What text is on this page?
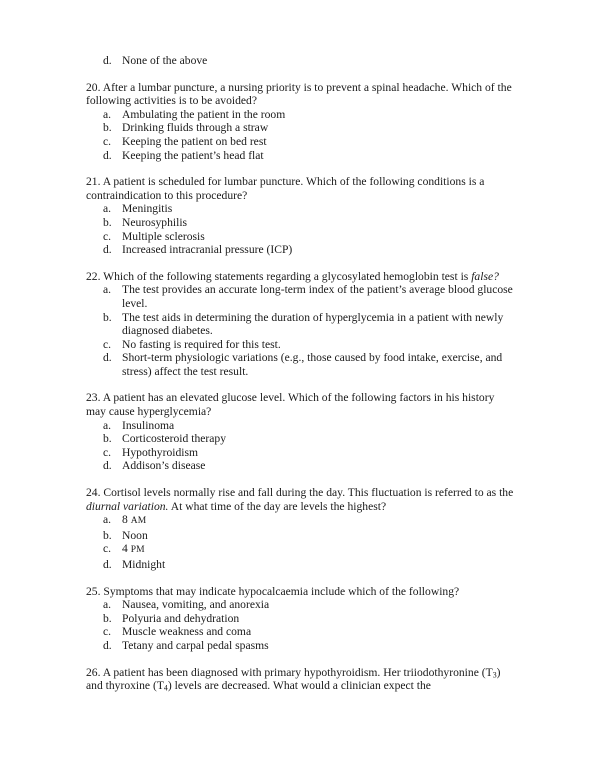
d. None of the above

20. After a lumbar puncture, a nursing priority is to prevent a spinal headache. Which of the following activities is to be avoided?

a. Ambulating the patient in the room
b. Drinking fluids through a straw
c. Keeping the patient on bed rest
d. Keeping the patient’s head flat

21. A patient is scheduled for lumbar puncture. Which of the following conditions is a contraindication to this procedure?

a. Meningitis
b. Neurosyphilis
c. Multiple sclerosis
d. Increased intracranial pressure (ICP)

22. Which of the following statements regarding a glycosylated hemoglobin test is false?

a. The test provides an accurate long-term index of the patient’s average blood glucose level.
b. The test aids in determining the duration of hyperglycemia in a patient with newly diagnosed diabetes.
c. No fasting is required for this test.
d. Short-term physiologic variations (e.g., those caused by food intake, exercise, and stress) affect the test result.

23. A patient has an elevated glucose level. Which of the following factors in his history may cause hyperglycemia?

a. Insulinoma
b. Corticosteroid therapy
c. Hypothyroidism
d. Addison’s disease

24. Cortisol levels normally rise and fall during the day. This fluctuation is referred to as the diurnal variation. At what time of the day are levels the highest?

a. 8 AM
b. Noon
c. 4 PM
d. Midnight

25. Symptoms that may indicate hypocalcaemia include which of the following?

a. Nausea, vomiting, and anorexia
b. Polyuria and dehydration
c. Muscle weakness and coma
d. Tetany and carpal pedal spasms

26. A patient has been diagnosed with primary hypothyroidism. Her triiodothyronine $(T_3)$ and thyroxine $(T_4)$ levels are decreased. What would a clinician expect the
